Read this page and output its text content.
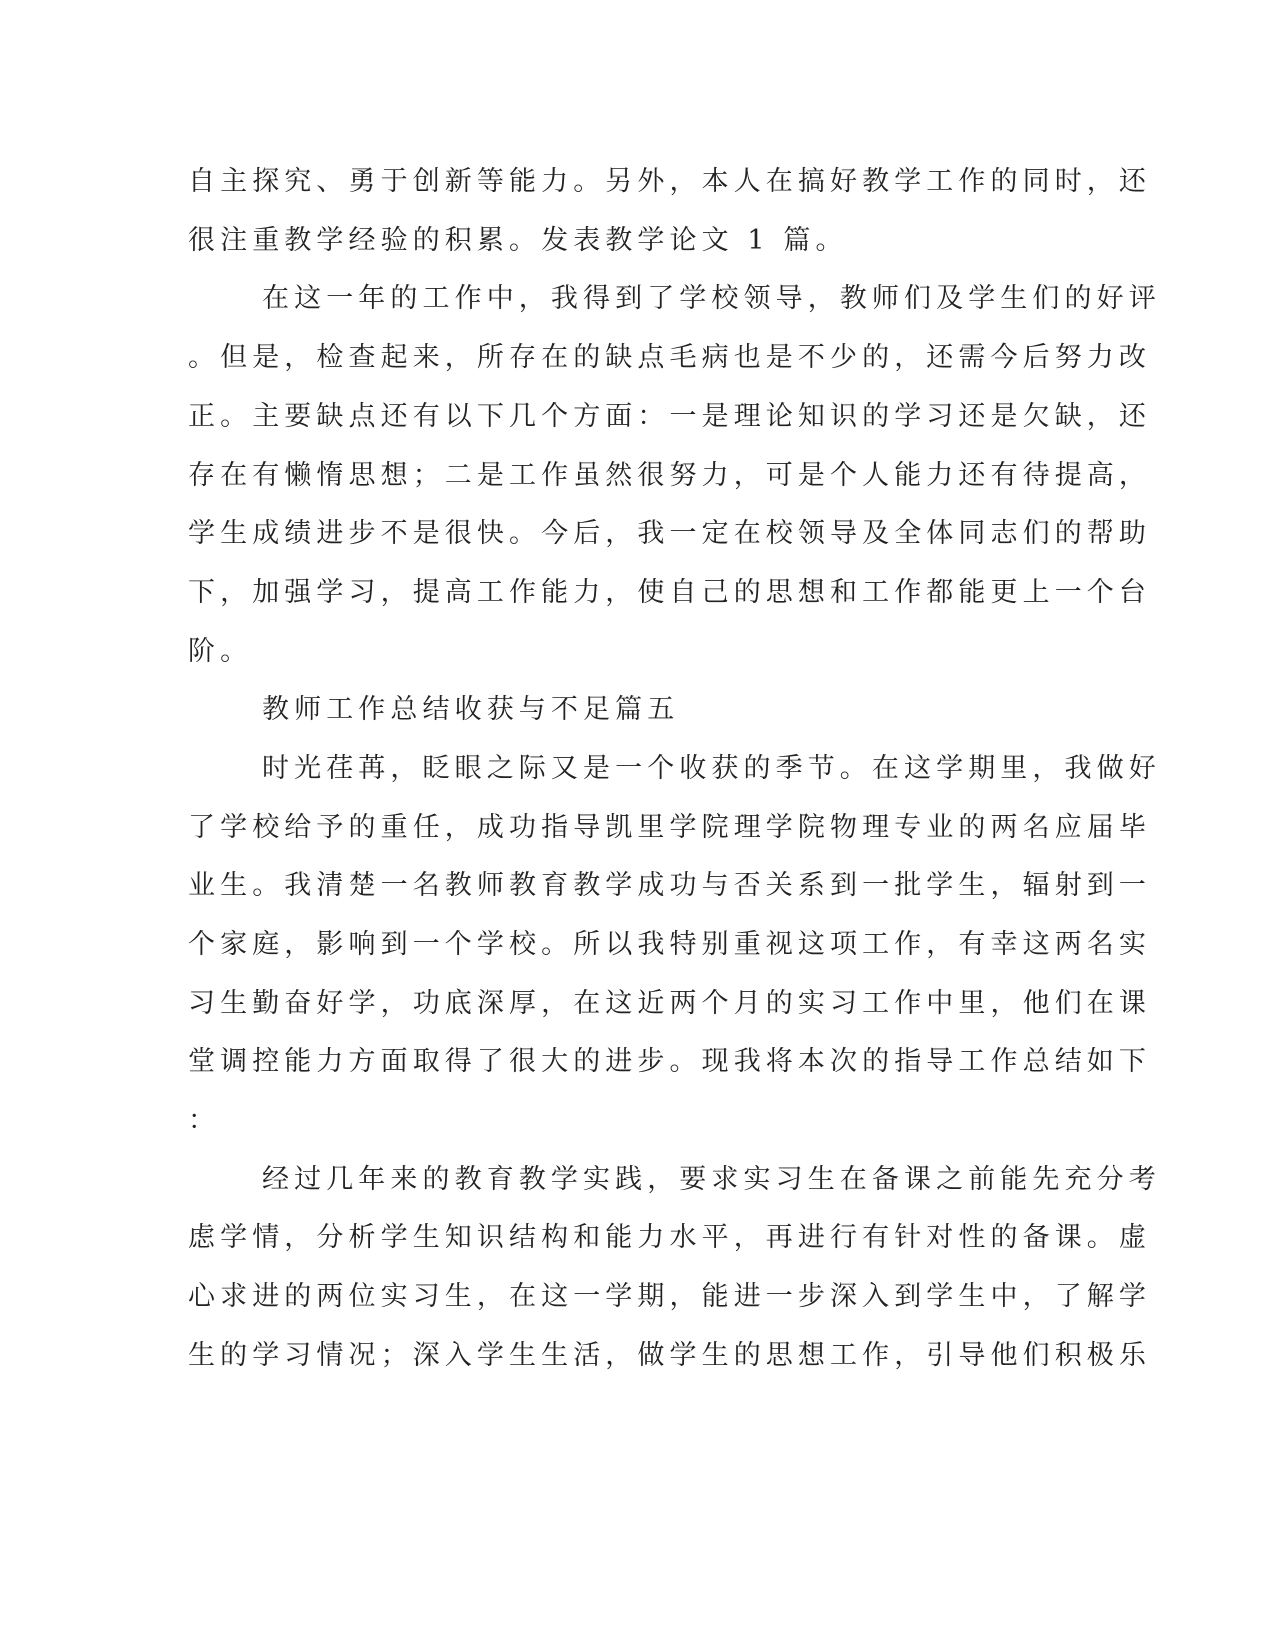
自主探究、勇于创新等能力。另外，本人在搞好教学工作的同时，还
很注重教学经验的积累。发表教学论文 1 篇。
在这一年的工作中，我得到了学校领导，教师们及学生们的好评
。但是，检查起来，所存在的缺点毛病也是不少的，还需今后努力改
正。主要缺点还有以下几个方面：一是理论知识的学习还是欠缺，还
存在有懒惰思想；二是工作虽然很努力，可是个人能力还有待提高，
学生成绩进步不是很快。今后，我一定在校领导及全体同志们的帮助
下，加强学习，提高工作能力，使自己的思想和工作都能更上一个台
阶。
教师工作总结收获与不足篇五
时光荏苒，眨眼之际又是一个收获的季节。在这学期里，我做好
了学校给予的重任，成功指导凯里学院理学院物理专业的两名应届毕
业生。我清楚一名教师教育教学成功与否关系到一批学生，辐射到一
个家庭，影响到一个学校。所以我特别重视这项工作，有幸这两名实
习生勤奋好学，功底深厚，在这近两个月的实习工作中里，他们在课
堂调控能力方面取得了很大的进步。现我将本次的指导工作总结如下
：
经过几年来的教育教学实践，要求实习生在备课之前能先充分考
虑学情，分析学生知识结构和能力水平，再进行有针对性的备课。虚
心求进的两位实习生，在这一学期，能进一步深入到学生中，了解学
生的学习情况；深入学生生活，做学生的思想工作，引导他们积极乐
